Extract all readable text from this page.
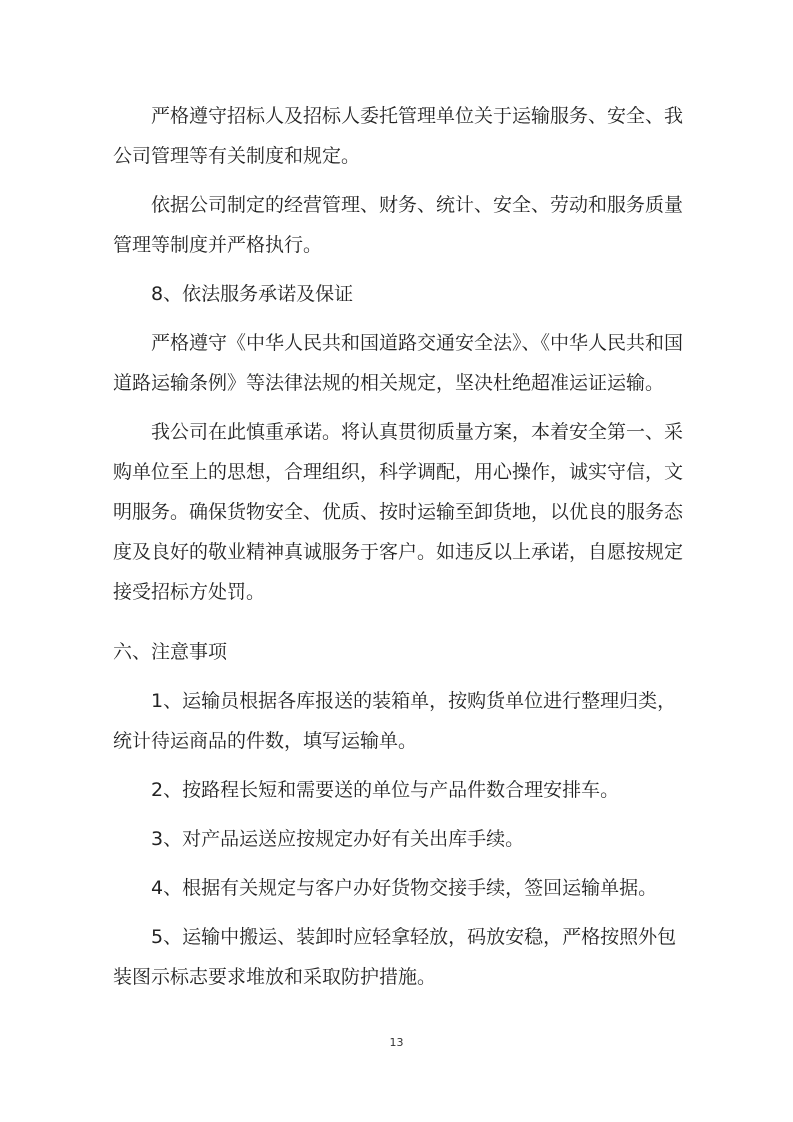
严格遵守招标人及招标人委托管理单位关于运输服务、安全、我公司管理等有关制度和规定。

依据公司制定的经营管理、财务、统计、安全、劳动和服务质量管理等制度并严格执行。

8、依法服务承诺及保证

严格遵守《中华人民共和国道路交通安全法》、《中华人民共和国道路运输条例》等法律法规的相关规定，坚决杜绝超准运证运输。

我公司在此慎重承诺。将认真贯彻质量方案，本着安全第一、采购单位至上的思想，合理组织，科学调配，用心操作，诚实守信，文明服务。确保货物安全、优质、按时运输至卸货地，以优良的服务态度及良好的敬业精神真诚服务于客户。如违反以上承诺，自愿按规定接受招标方处罚。

六、注意事项

1、运输员根据各库报送的装箱单，按购货单位进行整理归类，统计待运商品的件数，填写运输单。

2、按路程长短和需要送的单位与产品件数合理安排车。

3、对产品运送应按规定办好有关出库手续。

4、根据有关规定与客户办好货物交接手续，签回运输单据。

5、运输中搬运、装卸时应轻拿轻放，码放安稳，严格按照外包装图示标志要求堆放和采取防护措施。

13
